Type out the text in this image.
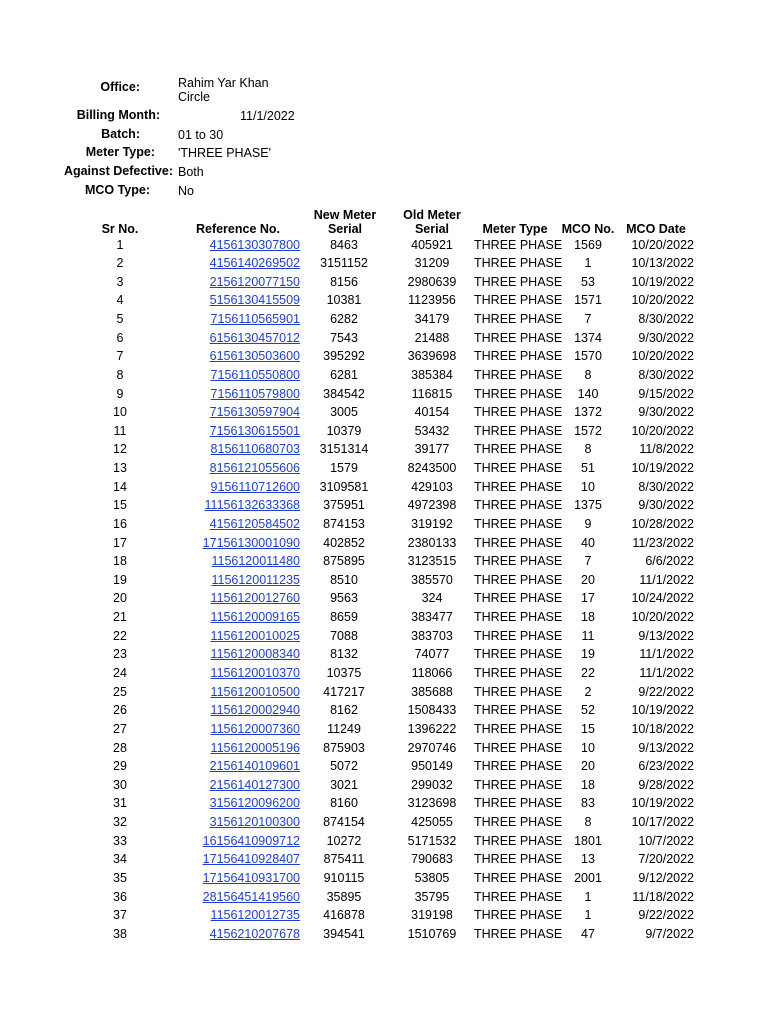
Office:	Rahim Yar Khan
Circle
Billing Month:	11/1/2022
Batch:	01 to 30
Meter Type: 'THREE PHASE'
Against Defective: Both
MCO Type: No
Sr No.	Reference No.
New Meter
Serial
Old Meter
Serial	Meter Type	MCO No. MCO Date
1	4156130307800	8463	405921	THREE PHASE 1569	10/20/2022
2	4156140269502	3151152	31209	THREE PHASE	1	10/13/2022
3	2156120077150	8156	2980639	THREE PHASE	53	10/19/2022
4	5156130415509	10381	1123956	THREE PHASE 1571	10/20/2022
5	7156110565901	6282	34179	THREE PHASE	7	8/30/2022
6	6156130457012	7543	21488	THREE PHASE 1374	9/30/2022
7	6156130503600	395292	3639698	THREE PHASE 1570	10/20/2022
8	7156110550800	6281	385384	THREE PHASE	8	8/30/2022
9	7156110579800	384542	116815	THREE PHASE	140	9/15/2022
10	7156130597904	3005	40154	THREE PHASE 1372	9/30/2022
11	7156130615501	10379	53432	THREE PHASE 1572	10/20/2022
12	8156110680703	3151314	39177	THREE PHASE	8	11/8/2022
13	8156121055606	1579	8243500	THREE PHASE	51	10/19/2022
14	9156110712600	3109581	429103	THREE PHASE	10	8/30/2022
15	11156132633368	375951	4972398	THREE PHASE 1375	9/30/2022
16	4156120584502	874153	319192	THREE PHASE	9	10/28/2022
17	17156130001090	402852	2380133	THREE PHASE	40	11/23/2022
18	1156120011480	875895	3123515	THREE PHASE	7	6/6/2022
19	1156120011235	8510	385570	THREE PHASE	20	11/1/2022
20	1156120012760	9563	324	THREE PHASE	17	10/24/2022
21	1156120009165	8659	383477	THREE PHASE	18	10/20/2022
22	1156120010025	7088	383703	THREE PHASE	11	9/13/2022
23	1156120008340	8132	74077	THREE PHASE	19	11/1/2022
24	1156120010370	10375	118066	THREE PHASE	22	11/1/2022
25	1156120010500	417217	385688	THREE PHASE	2	9/22/2022
26	1156120002940	8162	1508433	THREE PHASE	52	10/19/2022
27	1156120007360	11249	1396222	THREE PHASE	15	10/18/2022
28	1156120005196	875903	2970746	THREE PHASE	10	9/13/2022
29	2156140109601	5072	950149	THREE PHASE	20	6/23/2022
30	2156140127300	3021	299032	THREE PHASE	18	9/28/2022
31	3156120096200	8160	3123698	THREE PHASE	83	10/19/2022
32	3156120100300	874154	425055	THREE PHASE	8	10/17/2022
33	16156410909712	10272	5171532	THREE PHASE 1801	10/7/2022
34	17156410928407	875411	790683	THREE PHASE	13	7/20/2022
35	17156410931700	910115	53805	THREE PHASE 2001	9/12/2022
36	28156451419560	35895	35795	THREE PHASE	1	11/18/2022
37	1156120012735	416878	319198	THREE PHASE	1	9/22/2022
38	4156210207678	394541	1510769	THREE PHASE	47	9/7/2022
